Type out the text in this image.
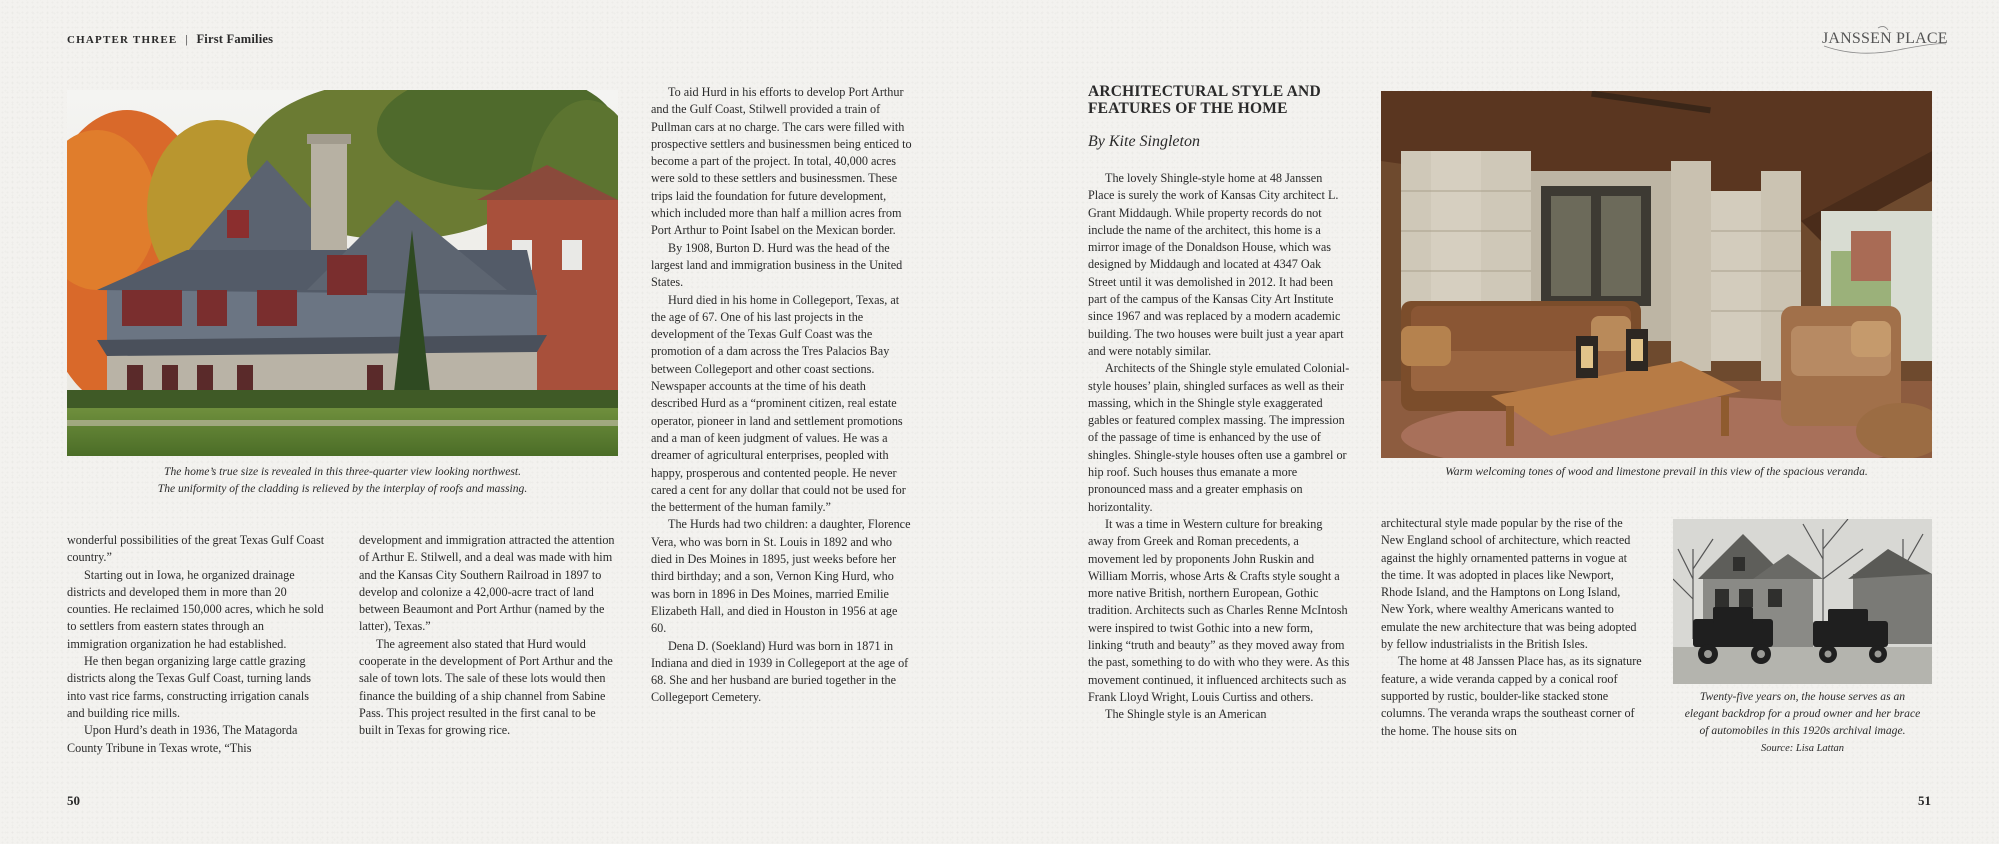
CHAPTER THREE | First Families	JANSSEN PLACE

The home’s true size is revealed in this three-quarter view looking northwest.
The uniformity of the cladding is relieved by the interplay of roofs and massing.

wonderful possibilities of the great Texas Gulf Coast country.”

Starting out in Iowa, he organized drainage districts and developed them in more than 20 counties. He reclaimed 150,000 acres, which he sold to settlers from eastern states through an immigration organization he had established.

He then began organizing large cattle grazing districts along the Texas Gulf Coast, turning lands into vast rice farms, constructing irrigation canals and building rice mills.

Upon Hurd’s death in 1936, The Matagorda County Tribune in Texas wrote, “This

development and immigration attracted the attention of Arthur E. Stilwell, and a deal was made with him and the Kansas City Southern Railroad in 1897 to develop and colonize a 42,000-acre tract of land between Beaumont and Port Arthur (named by the latter), Texas.”

The agreement also stated that Hurd would cooperate in the development of Port Arthur and the sale of town lots. The sale of these lots would then finance the building of a ship channel from Sabine Pass. This project resulted in the first canal to be built in Texas for growing rice.

To aid Hurd in his efforts to develop Port Arthur and the Gulf Coast, Stilwell provided a train of Pullman cars at no charge. The cars were filled with prospective settlers and businessmen being enticed to become a part of the project. In total, 40,000 acres were sold to these settlers and businessmen. These trips laid the foundation for future development, which included more than half a million acres from Port Arthur to Point Isabel on the Mexican border.

By 1908, Burton D. Hurd was the head of the largest land and immigration business in the United States.

Hurd died in his home in Collegeport, Texas, at the age of 67. One of his last projects in the development of the Texas Gulf Coast was the promotion of a dam across the Tres Palacios Bay between Collegeport and other coast sections. Newspaper accounts at the time of his death described Hurd as a “prominent citizen, real estate operator, pioneer in land and settlement promotions and a man of keen judgment of values. He was a dreamer of agricultural enterprises, peopled with happy, prosperous and contented people. He never cared a cent for any dollar that could not be used for the betterment of the human family.”

The Hurds had two children: a daughter, Florence Vera, who was born in St. Louis in 1892 and who died in Des Moines in 1895, just weeks before her third birthday; and a son, Vernon King Hurd, who was born in 1896 in Des Moines, married Emilie Elizabeth Hall, and died in Houston in 1956 at age 60.

Dena D. (Soekland) Hurd was born in 1871 in Indiana and died in 1939 in Collegeport at the age of 68. She and her husband are buried together in the Collegeport Cemetery.

50

ARCHITECTURAL STYLE AND
FEATURES OF THE HOME

By Kite Singleton

The lovely Shingle-style home at 48 Janssen Place is surely the work of Kansas City architect L. Grant Middaugh. While property records do not include the name of the architect, this home is a mirror image of the Donaldson House, which was designed by Middaugh and located at 4347 Oak Street until it was demolished in 2012. It had been part of the campus of the Kansas City Art Institute since 1967 and was replaced by a modern academic building. The two houses were built just a year apart and were notably similar.

Architects of the Shingle style emulated Colonial-style houses’ plain, shingled surfaces as well as their massing, which in the Shingle style exaggerated gables or featured complex massing. The impression of the passage of time is enhanced by the use of shingles. Shingle-style houses often use a gambrel or hip roof. Such houses thus emanate a more pronounced mass and a greater emphasis on horizontality.

It was a time in Western culture for breaking away from Greek and Roman precedents, a movement led by proponents John Ruskin and William Morris, whose Arts & Crafts style sought a more native British, northern European, Gothic tradition. Architects such as Charles Renne McIntosh were inspired to twist Gothic into a new form, linking “truth and beauty” as they moved away from the past, something to do with who they were. As this movement continued, it influenced architects such as Frank Lloyd Wright, Louis Curtiss and others.

The Shingle style is an American

Warm welcoming tones of wood and limestone prevail in this view of the spacious veranda.

architectural style made popular by the rise of the New England school of architecture, which reacted against the highly ornamented patterns in vogue at the time. It was adopted in places like Newport, Rhode Island, and the Hamptons on Long Island, New York, where wealthy Americans wanted to emulate the new architecture that was being adopted by fellow industrialists in the British Isles.

The home at 48 Janssen Place has, as its signature feature, a wide veranda capped by a conical roof supported by rustic, boulder-like stacked stone columns. The veranda wraps the southeast corner of the home. The house sits on

Twenty-five years on, the house serves as an
elegant backdrop for a proud owner and her brace
of automobiles in this 1920s archival image.
Source: Lisa Lattan

51
